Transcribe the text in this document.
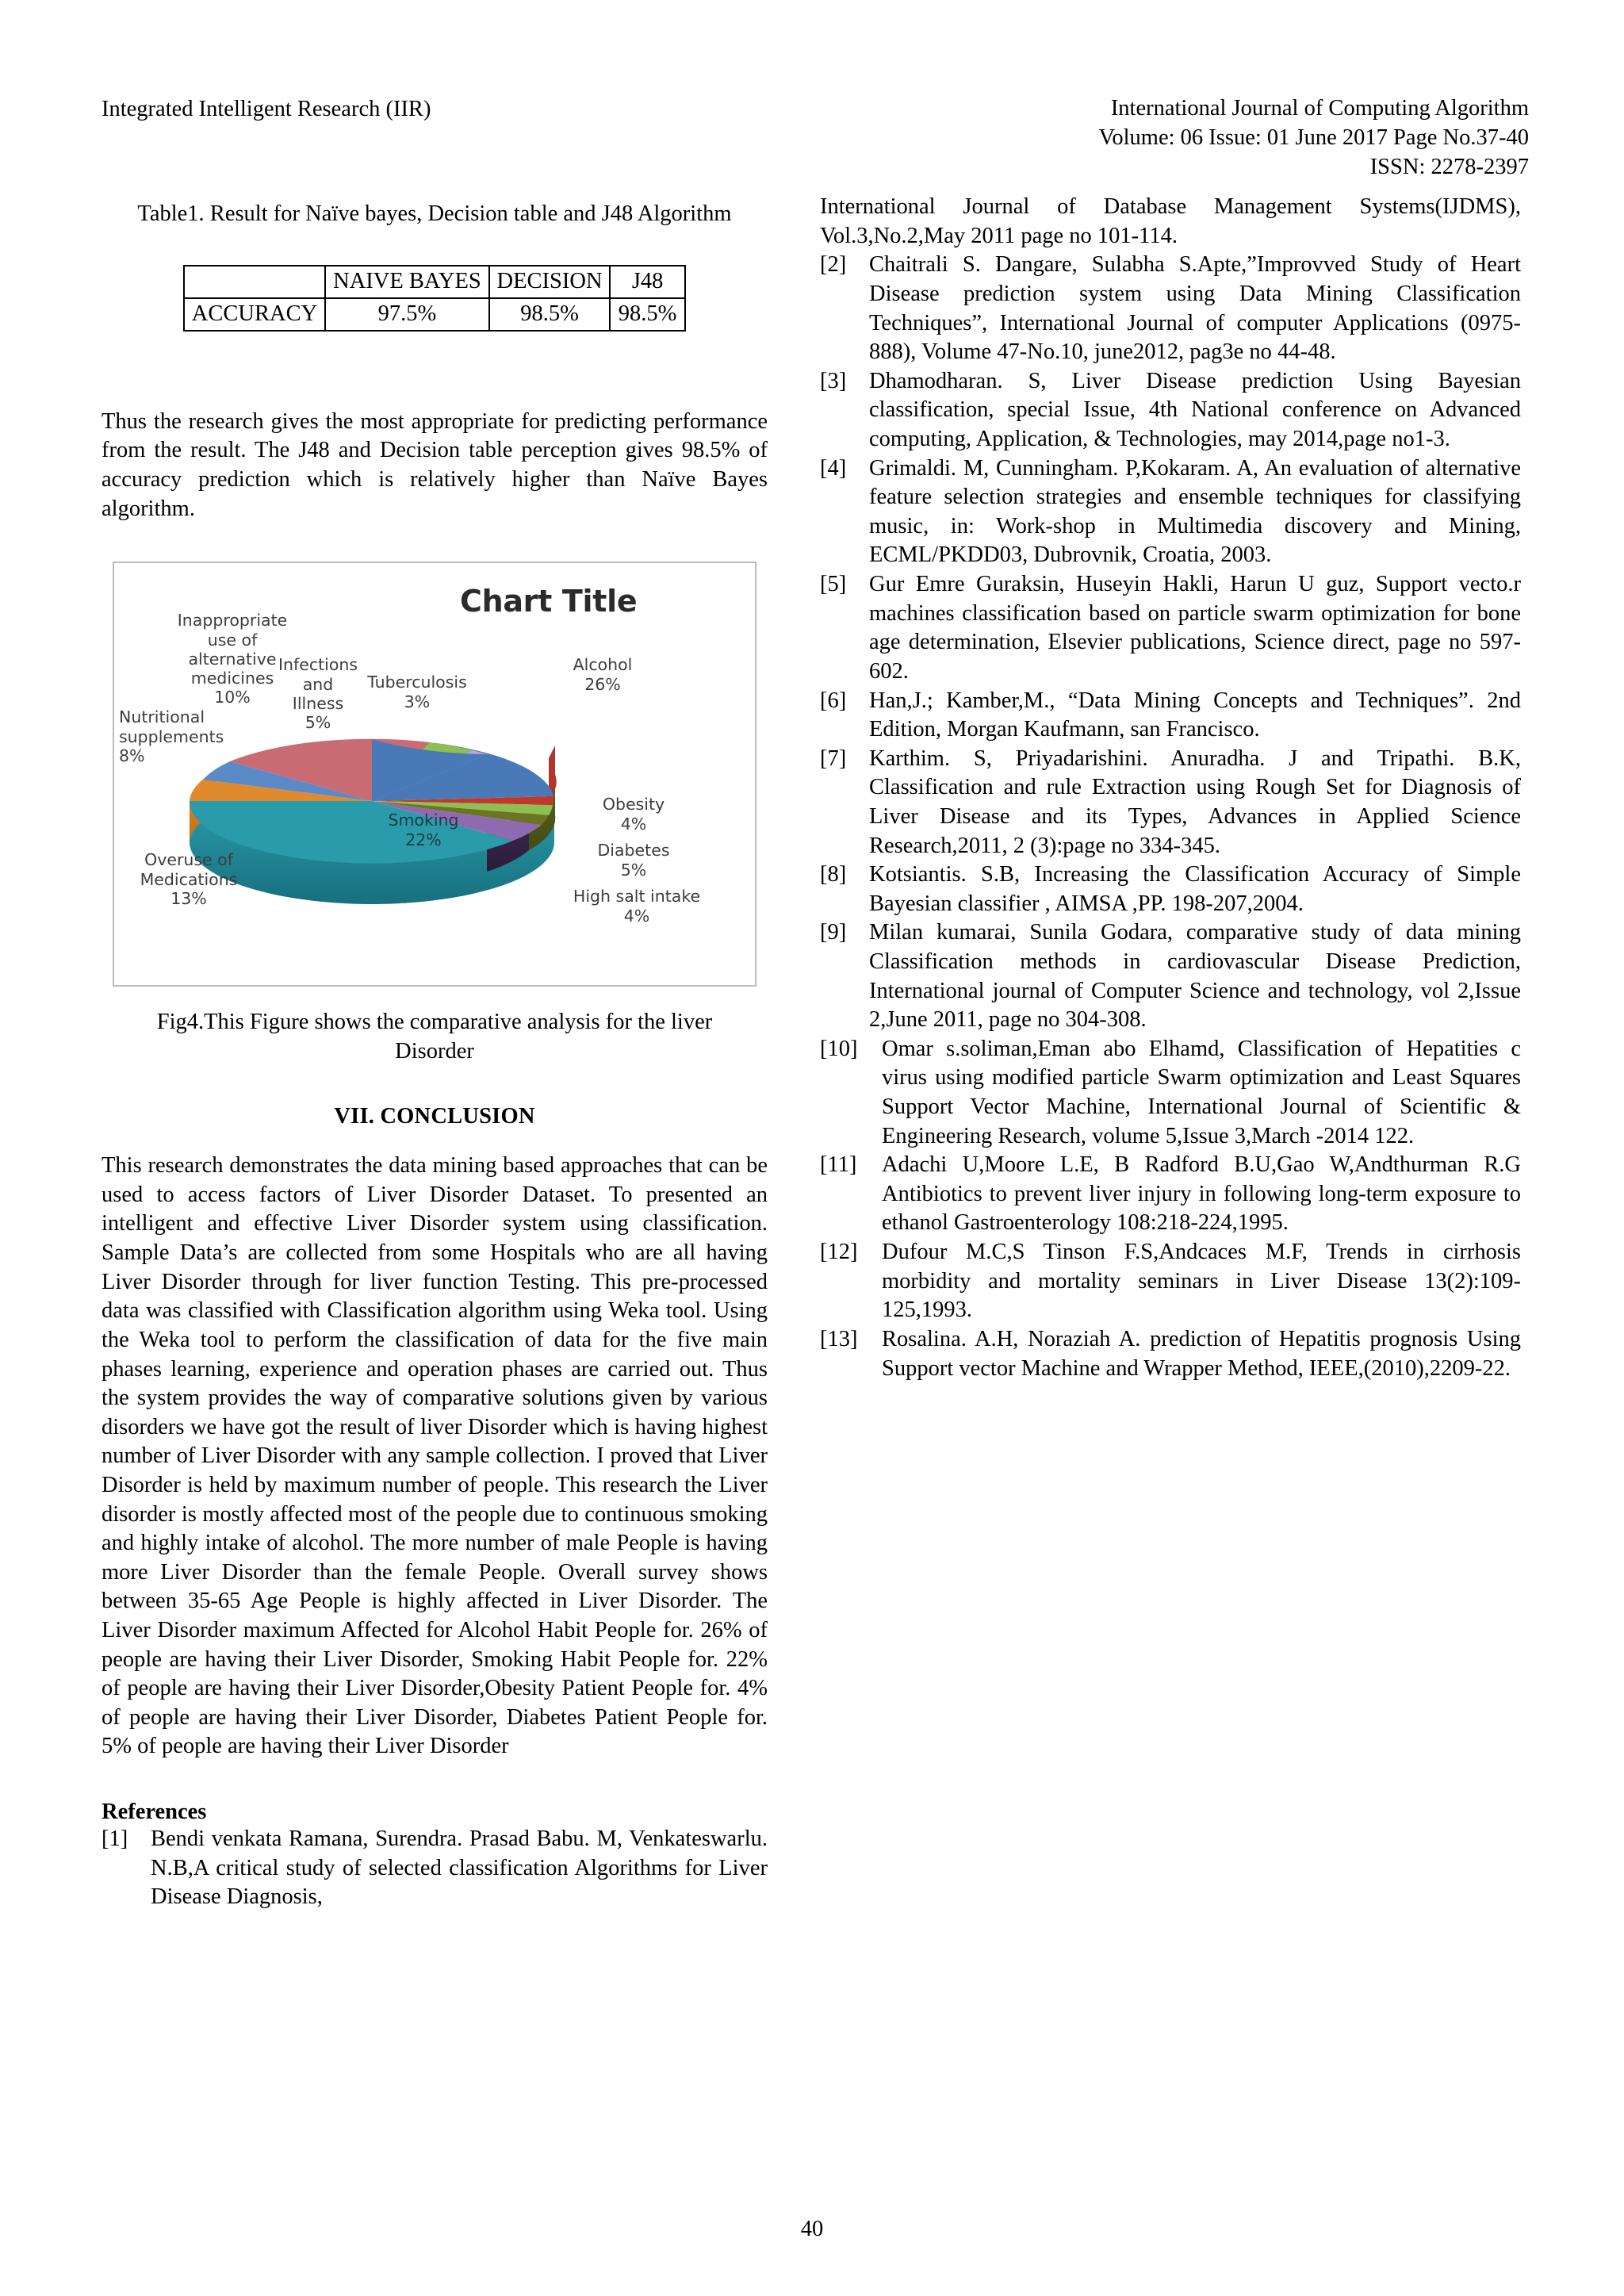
Integrated Intelligent Research (IIR)	International Journal of Computing Algorithm
Volume: 06 Issue: 01 June 2017 Page No.37-40
ISSN: 2278-2397
Table1. Result for Naïve bayes, Decision table and J48 Algorithm
	NAIVE BAYES	DECISION	J48
ACCURACY	97.5%	98.5%	98.5%

Thus the research gives the most appropriate for predicting performance from the result. The J48 and Decision table perception gives 98.5% of accuracy prediction which is relatively higher than Naïve Bayes algorithm.

Chart Title

Smoking

22%

Alcohol

26%

Obesity

4%

Diabetes

5%

High salt intake

4%

Overuse of Medications

13%

Nutritional supplements

8%

Inappropriate use of alternative medicines

10%

Infections and Illness

5%

Tuberculosis

3%

Fig4.This Figure shows the comparative analysis for the liver Disorder
VII. CONCLUSION

This research demonstrates the data mining based approaches that can be used to access factors of Liver Disorder Dataset. To presented an intelligent and effective Liver Disorder system using classification. Sample Data’s are collected from some Hospitals who are all having Liver Disorder through for liver function Testing. This pre-processed data was classified with Classification algorithm using Weka tool. Using the Weka tool to perform the classification of data for the five main phases learning, experience and operation phases are carried out. Thus the system provides the way of comparative solutions given by various disorders we have got the result of liver Disorder which is having highest number of Liver Disorder with any sample collection. I proved that Liver Disorder is held by maximum number of people. This research the Liver disorder is mostly affected most of the people due to continuous smoking and highly intake of alcohol. The more number of male People is having more Liver Disorder than the female People. Overall survey shows between 35-65 Age People is highly affected in Liver Disorder. The Liver Disorder maximum Affected for Alcohol Habit People for. 26% of people are having their Liver Disorder, Smoking Habit People for. 22% of people are having their Liver Disorder,Obesity Patient People for. 4% of people are having their Liver Disorder, Diabetes Patient People for. 5% of people are having their Liver Disorder

References
[1]	Bendi venkata Ramana, Surendra. Prasad Babu. M, Venkateswarlu. N.B,A critical study of selected classification Algorithms for Liver Disease Diagnosis,
International Journal of Database Management Systems(IJDMS), Vol.3,No.2,May 2011 page no 101-114.
[2]	Chaitrali S. Dangare, Sulabha S.Apte,”Improvved Study of Heart Disease prediction system using Data Mining Classification Techniques”, International Journal of computer Applications (0975-888), Volume 47-No.10, june2012, pag3e no 44-48.
[3]	Dhamodharan. S, Liver Disease prediction Using Bayesian classification, special Issue, 4th National conference on Advanced computing, Application, & Technologies, may 2014,page no1-3.
[4]	Grimaldi. M, Cunningham. P,Kokaram. A, An evaluation of alternative feature selection strategies and ensemble techniques for classifying music, in: Work-shop in Multimedia discovery and Mining, ECML/PKDD03, Dubrovnik, Croatia, 2003.
[5]	Gur Emre Guraksin, Huseyin Hakli, Harun U guz, Support vecto.r machines classification based on particle swarm optimization for bone age determination, Elsevier publications, Science direct, page no 597-602.
[6]	Han,J.; Kamber,M., “Data Mining Concepts and Techniques”. 2nd Edition, Morgan Kaufmann, san Francisco.
[7]	Karthim. S, Priyadarishini. Anuradha. J and Tripathi. B.K, Classification and rule Extraction using Rough Set for Diagnosis of Liver Disease and its Types, Advances in Applied Science Research,2011, 2 (3):page no 334-345.
[8]	Kotsiantis. S.B, Increasing the Classification Accuracy of Simple Bayesian classifier , AIMSA ,PP. 198-207,2004.
[9]	Milan kumarai, Sunila Godara, comparative study of data mining Classification methods in cardiovascular Disease Prediction, International journal of Computer Science and technology, vol 2,Issue 2,June 2011, page no 304-308.
[10]	Omar s.soliman,Eman abo Elhamd, Classification of Hepatities c virus using modified particle Swarm optimization and Least Squares Support Vector Machine, International Journal of Scientific & Engineering Research, volume 5,Issue 3,March -2014 122.
[11]	Adachi U,Moore L.E, B Radford B.U,Gao W,Andthurman R.G Antibiotics to prevent liver injury in following long-term exposure to ethanol Gastroenterology 108:218-224,1995.
[12]	Dufour M.C,S Tinson F.S,Andcaces M.F, Trends in cirrhosis morbidity and mortality seminars in Liver Disease 13(2):109-125,1993.
[13]	Rosalina. A.H, Noraziah A. prediction of Hepatitis prognosis Using Support vector Machine and Wrapper Method, IEEE,(2010),2209-22.
40
